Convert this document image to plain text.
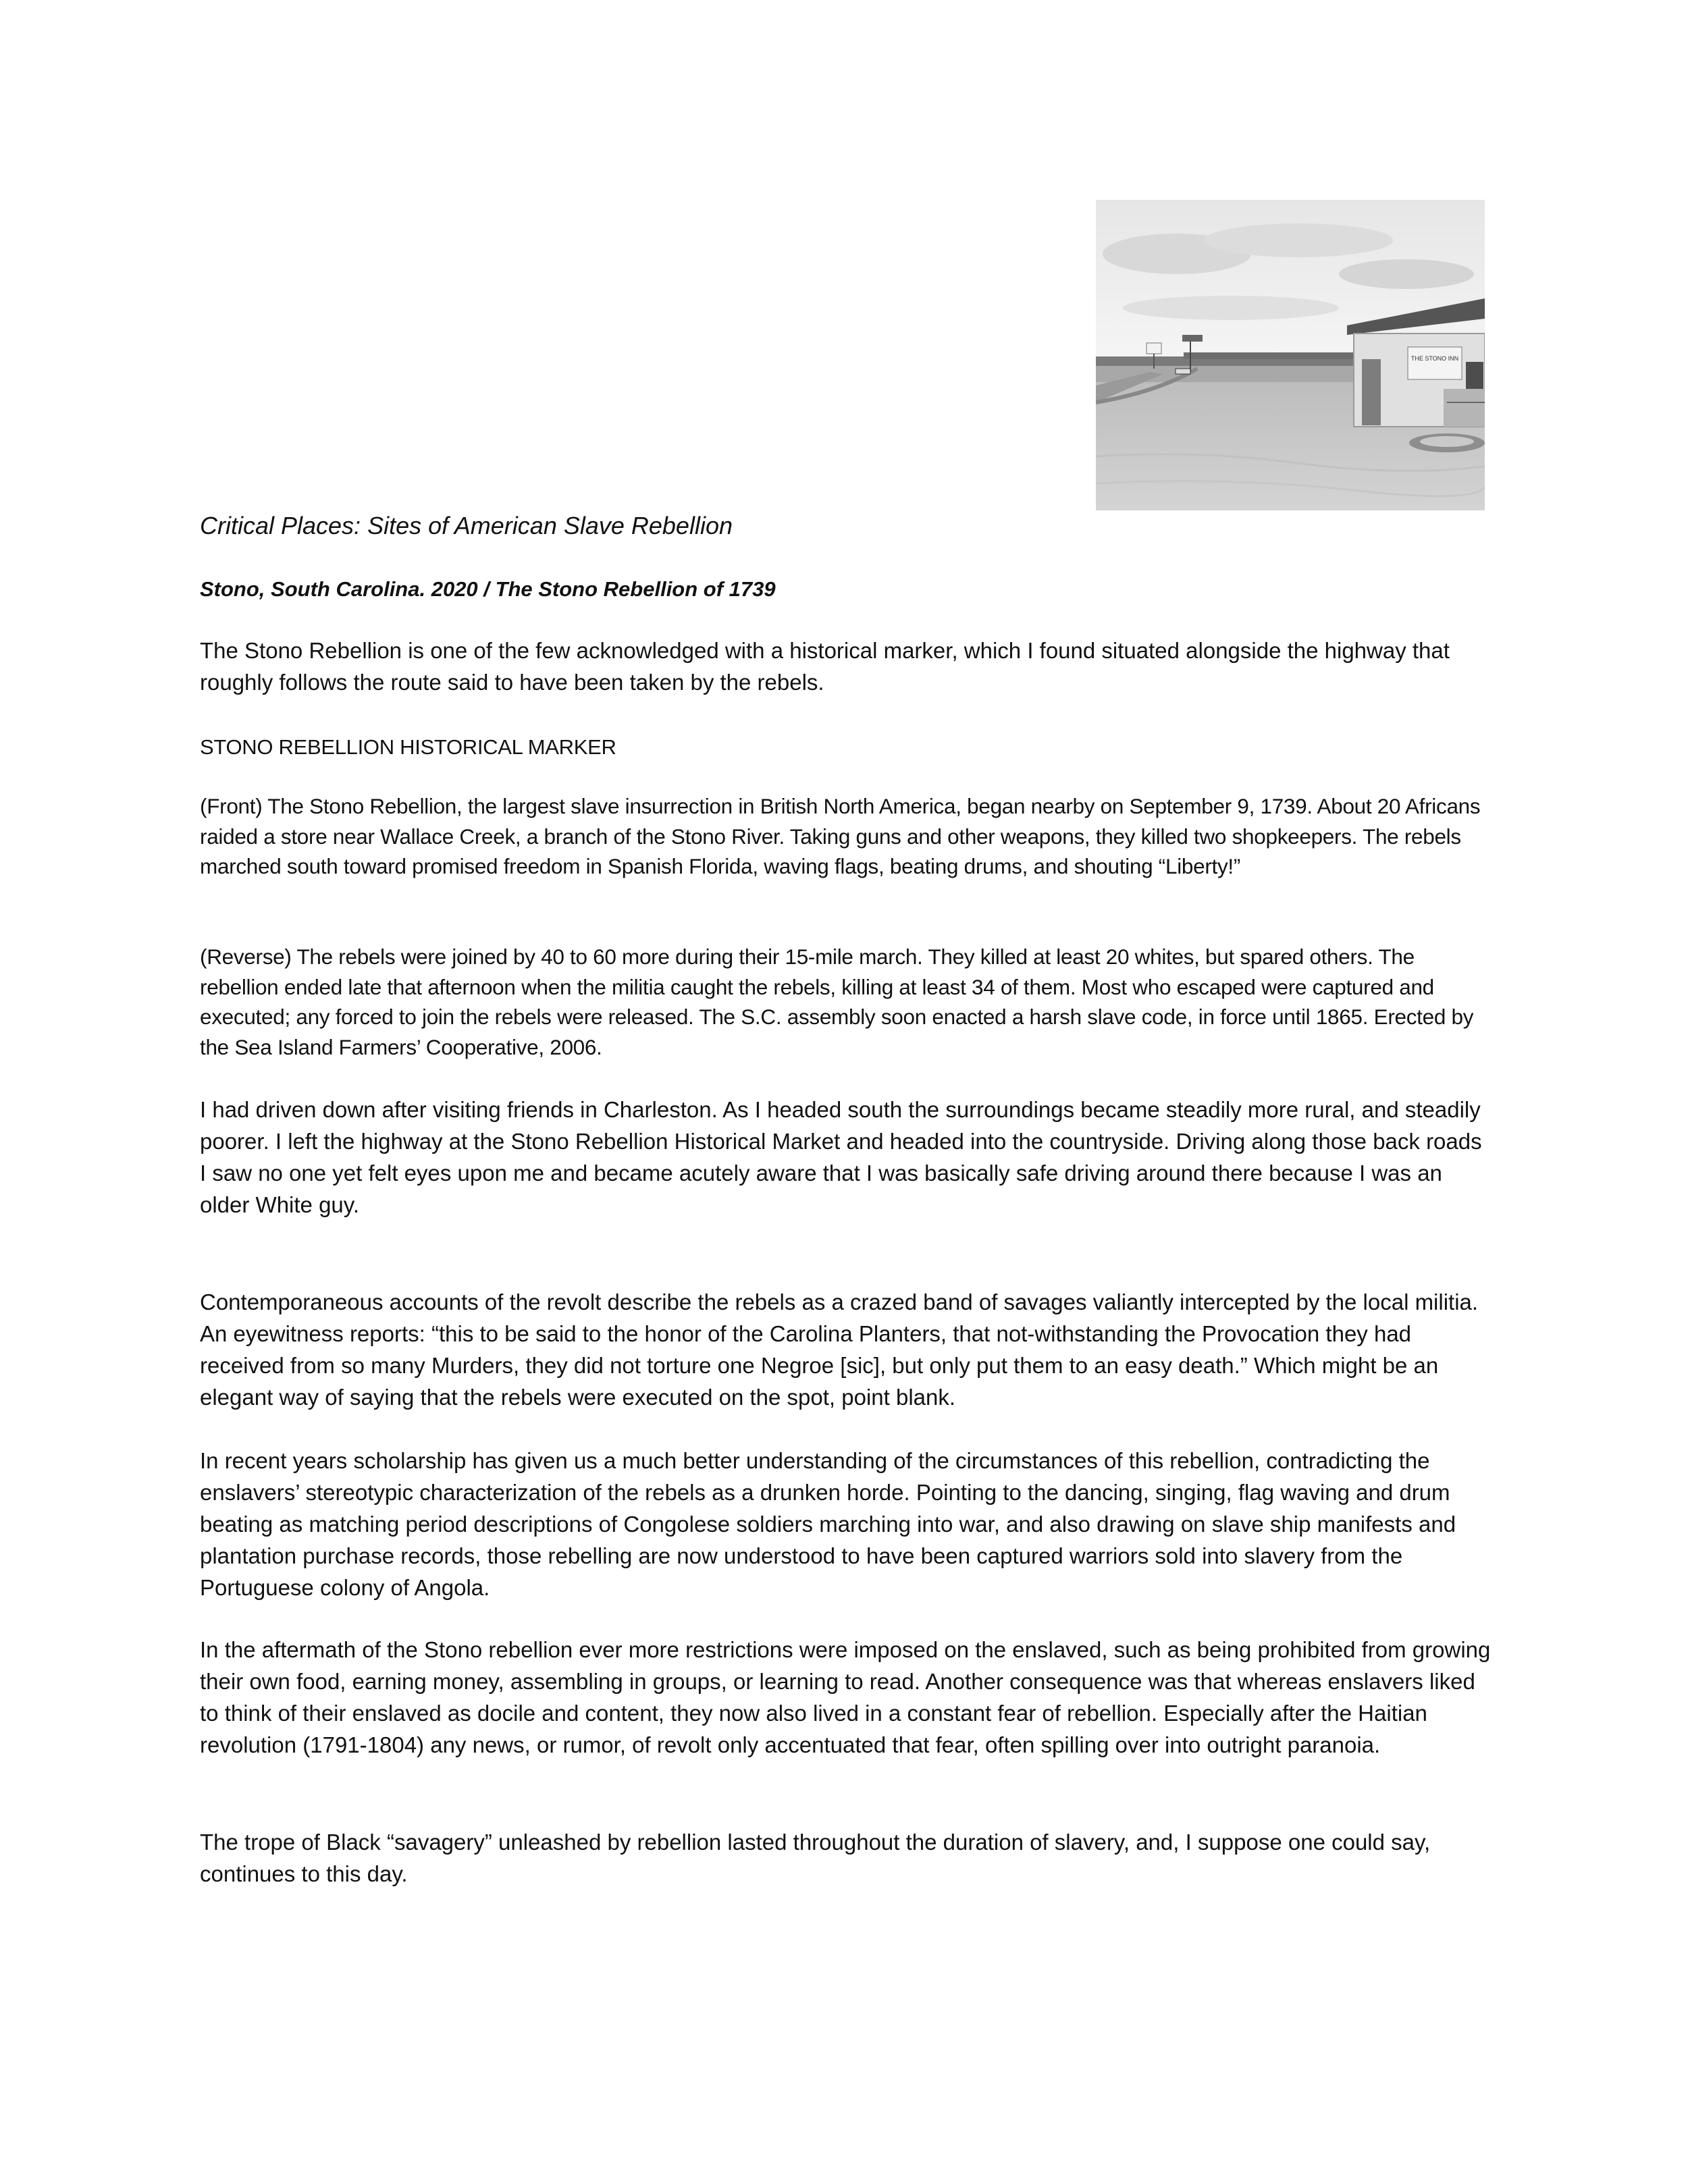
THE STONO INN

Critical Places: Sites of American Slave Rebellion

Stono, South Carolina. 2020 / The Stono Rebellion of 1739

The Stono Rebellion is one of the few acknowledged with a historical marker, which I found situated alongside the highway that roughly follows the route said to have been taken by the rebels.

STONO REBELLION HISTORICAL MARKER

(Front) The Stono Rebellion, the largest slave insurrection in British North America, began nearby on September 9, 1739. About 20 Africans raided a store near Wallace Creek, a branch of the Stono River. Taking guns and other weapons, they killed two shopkeepers. The rebels marched south toward promised freedom in Spanish Florida, waving flags, beating drums, and shouting “Liberty!”

(Reverse) The rebels were joined by 40 to 60 more during their 15-mile march. They killed at least 20 whites, but spared others. The rebellion ended late that afternoon when the militia caught the rebels, killing at least 34 of them. Most who escaped were captured and executed; any forced to join the rebels were released. The S.C. assembly soon enacted a harsh slave code, in force until 1865. Erected by the Sea Island Farmers’ Cooperative, 2006.

I had driven down after visiting friends in Charleston. As I headed south the surroundings became steadily more rural, and steadily poorer. I left the highway at the Stono Rebellion Historical Market and headed into the countryside. Driving along those back roads I saw no one yet felt eyes upon me and became acutely aware that I was basically safe driving around there because I was an older White guy.

Contemporaneous accounts of the revolt describe the rebels as a crazed band of savages valiantly intercepted by the local militia. An eyewitness reports: “this to be said to the honor of the Carolina Planters, that not-withstanding the Provocation they had received from so many Murders, they did not torture one Negroe [sic], but only put them to an easy death.” Which might be an elegant way of saying that the rebels were executed on the spot, point blank.

In recent years scholarship has given us a much better understanding of the circumstances of this rebellion, contradicting the enslavers’ stereotypic characterization of the rebels as a drunken horde. Pointing to the dancing, singing, flag waving and drum beating as matching period descriptions of Congolese soldiers marching into war, and also drawing on slave ship manifests and plantation purchase records, those rebelling are now understood to have been captured warriors sold into slavery from the Portuguese colony of Angola.

In the aftermath of the Stono rebellion ever more restrictions were imposed on the enslaved, such as being prohibited from growing their own food, earning money, assembling in groups, or learning to read. Another consequence was that whereas enslavers liked to think of their enslaved as docile and content, they now also lived in a constant fear of rebellion. Especially after the Haitian revolution (1791-1804) any news, or rumor, of revolt only accentuated that fear, often spilling over into outright paranoia.

The trope of Black “savagery” unleashed by rebellion lasted throughout the duration of slavery, and, I suppose one could say, continues to this day.
